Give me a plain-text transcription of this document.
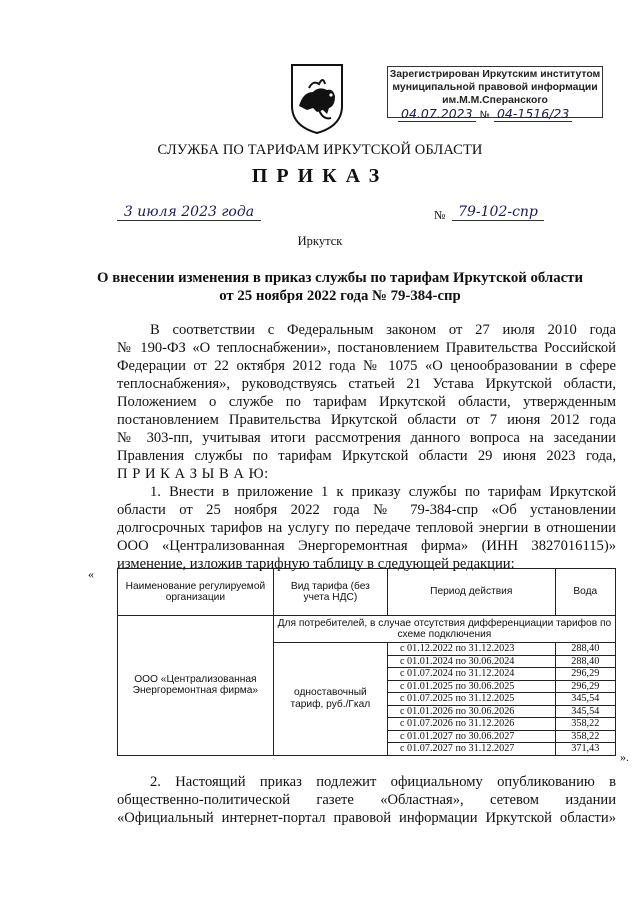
Зарегистрирован Иркутским институтом
муниципальной правовой информации
им.М.М.Сперанского
04.07.2023 № 04-1516/23
СЛУЖБА ПО ТАРИФАМ ИРКУТСКОЙ ОБЛАСТИ
ПРИКАЗ
3 июля 2023 года	№ 79-102-спр
Иркутск
О внесении изменения в приказ службы по тарифам Иркутской области
от 25 ноября 2022 года № 79-384-спр
В соответствии с Федеральным законом от 27 июля 2010 года
№ 190-ФЗ «О теплоснабжении», постановлением Правительства Российской
Федерации от 22 октября 2012 года № 1075 «О ценообразовании в сфере
теплоснабжения», руководствуясь статьей 21 Устава Иркутской области,
Положением о службе по тарифам Иркутской области, утвержденным
постановлением Правительства Иркутской области от 7 июня 2012 года
№ 303-пп, учитывая итоги рассмотрения данного вопроса на заседании
Правления службы по тарифам Иркутской области 29 июня 2023 года,
П Р И К А З Ы В А Ю:
1. Внести в приложение 1 к приказу службы по тарифам Иркутской
области от 25 ноября 2022 года № 79-384-спр «Об установлении
долгосрочных тарифов на услугу по передаче тепловой энергии в отношении
ООО «Централизованная Энергоремонтная фирма» (ИНН 3827016115)»
изменение, изложив тарифную таблицу в следующей редакции:
«
».
Наименование регулируемой организации	Вид тарифа (без учета НДС)	Период действия	Вода
ООО «Централизованная Энергоремонтная фирма»	Для потребителей, в случае отсутствия дифференциации тарифов по схеме подключения		
	одноставочный тариф, руб./Гкал	с 01.12.2022 по 31.12.2023	288,40
		с 01.01.2024 по 30.06.2024	288,40
		с 01.07.2024 по 31.12.2024	296,29
		с 01.01.2025 по 30.06.2025	296,29
		с 01.07.2025 по 31.12.2025	345,54
		с 01.01.2026 по 30.06.2026	345,54
		с 01.07.2026 по 31.12.2026	358,22
		с 01.01.2027 по 30.06.2027	358,22
		с 01.07.2027 по 31.12.2027	371,43
2. Настоящий приказ подлежит официальному опубликованию в
общественно-политической газете «Областная», сетевом издании
«Официальный интернет-портал правовой информации Иркутской области»
